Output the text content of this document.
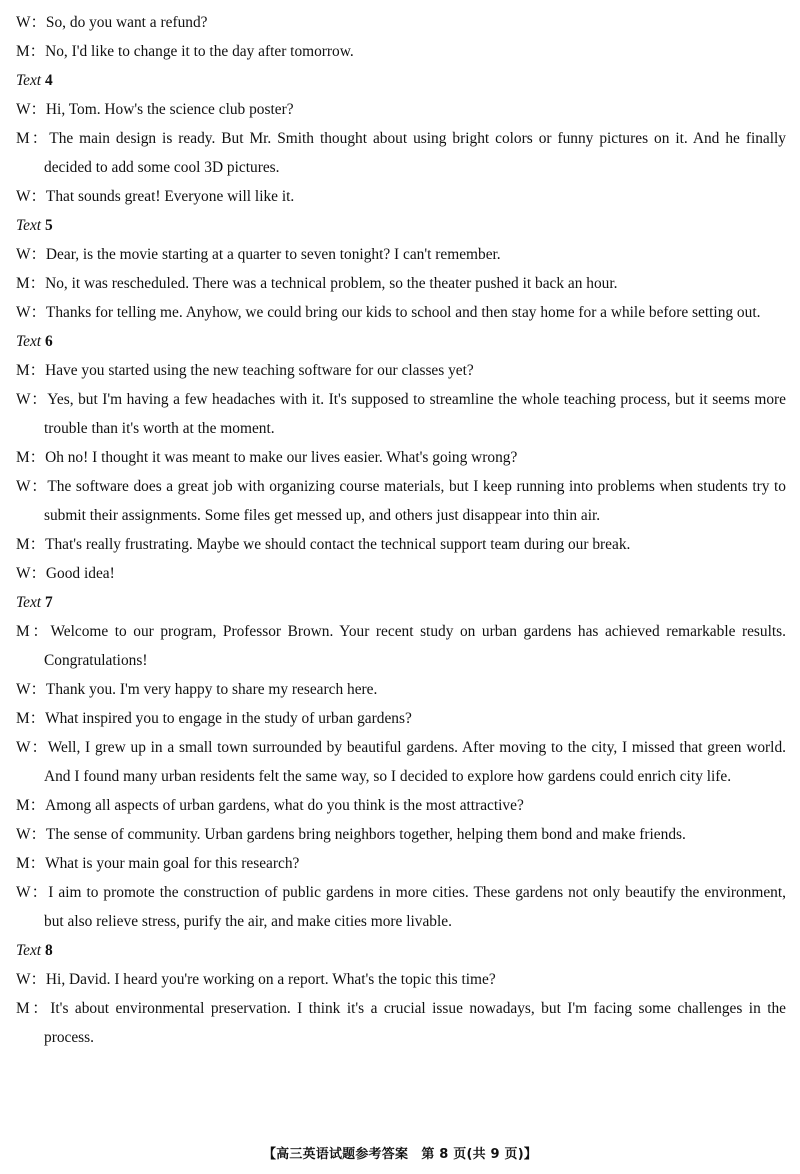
W：So, do you want a refund?

M：No, I'd like to change it to the day after tomorrow.

Text 4

W：Hi, Tom. How's the science club poster?

M：The main design is ready. But Mr. Smith thought about using bright colors or funny pictures on it. And he finally decided to add some cool 3D pictures.

W：That sounds great! Everyone will like it.

Text 5

W：Dear, is the movie starting at a quarter to seven tonight? I can't remember.

M：No, it was rescheduled. There was a technical problem, so the theater pushed it back an hour.

W：Thanks for telling me. Anyhow, we could bring our kids to school and then stay home for a while before setting out.

Text 6

M：Have you started using the new teaching software for our classes yet?

W：Yes, but I'm having a few headaches with it. It's supposed to streamline the whole teaching process, but it seems more trouble than it's worth at the moment.

M：Oh no! I thought it was meant to make our lives easier. What's going wrong?

W：The software does a great job with organizing course materials, but I keep running into problems when students try to submit their assignments. Some files get messed up, and others just disappear into thin air.

M：That's really frustrating. Maybe we should contact the technical support team during our break.

W：Good idea!

Text 7

M：Welcome to our program, Professor Brown. Your recent study on urban gardens has achieved remarkable results. Congratulations!

W：Thank you. I'm very happy to share my research here.

M：What inspired you to engage in the study of urban gardens?

W：Well, I grew up in a small town surrounded by beautiful gardens. After moving to the city, I missed that green world. And I found many urban residents felt the same way, so I decided to explore how gardens could enrich city life.

M：Among all aspects of urban gardens, what do you think is the most attractive?

W：The sense of community. Urban gardens bring neighbors together, helping them bond and make friends.

M：What is your main goal for this research?

W：I aim to promote the construction of public gardens in more cities. These gardens not only beautify the environment, but also relieve stress, purify the air, and make cities more livable.

Text 8

W：Hi, David. I heard you're working on a report. What's the topic this time?

M：It's about environmental preservation. I think it's a crucial issue nowadays, but I'm facing some challenges in the process.

【高三英语试题参考答案　第 8 页(共 9 页)】
